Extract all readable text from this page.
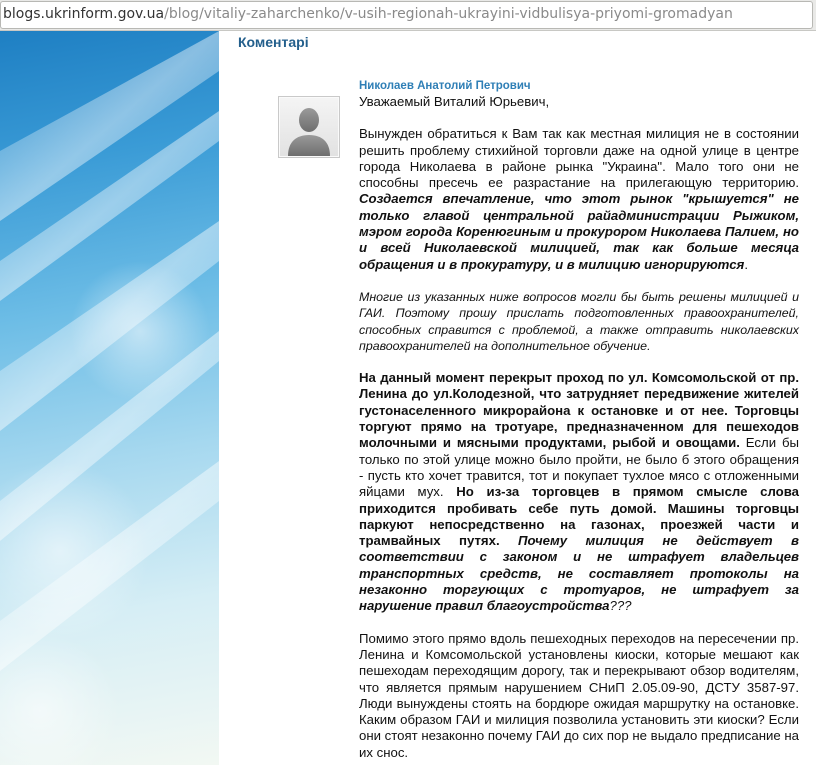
blogs.ukrinform.gov.ua/blog/vitaliy-zaharchenko/v-usih-regionah-ukrayini-vidbulisya-priyomi-gromadyan
Коментарі
Николаев Анатолий Петрович

Уважаемый Виталий Юрьевич,

Вынужден обратиться к Вам так как местная милиция не в состоянии решить проблему стихийной торговли даже на одной улице в центре города Николаева в районе рынка "Украина". Мало того они не способны пресечь ее разрастание на прилегающую территорию. Создается впечатление, что этот рынок "крышуется" не только главой центральной райадминистрации Рыжиком, мэром города Коренюгиным и прокурором Николаева Палием, но и всей Николаевской милицией, так как больше месяца обращения и в прокуратуру, и в милицию игнорируются.

Многие из указанных ниже вопросов могли бы быть решены милицией и ГАИ. Поэтому прошу прислать подготовленных правоохранителей, способных справится с проблемой, а также отправить николаевских правоохранителей на дополнительное обучение.

На данный момент перекрыт проход по ул. Комсомольской от пр. Ленина до ул.Колодезной, что затрудняет передвижение жителей густонаселенного микрорайона к остановке и от нее. Торговцы торгуют прямо на тротуаре, предназначенном для пешеходов молочными и мясными продуктами, рыбой и овощами. Если бы только по этой улице можно было пройти, не было б этого обращения - пусть кто хочет травится, тот и покупает тухлое мясо с отложенными яйцами мух. Но из-за торговцев в прямом смысле слова приходится пробивать себе путь домой. Машины торговцы паркуют непосредственно на газонах, проезжей части и трамвайных путях. Почему милиция не действует в соответствии с законом и не штрафует владельцев транспортных средств, не составляет протоколы на незаконно торгующих с тротуаров, не штрафует за нарушение правил благоустройства???

Помимо этого прямо вдоль пешеходных переходов на пересечении пр. Ленина и Комсомольской установлены киоски, которые мешают как пешеходам переходящим дорогу, так и перекрывают обзор водителям, что является прямым нарушением СНиП 2.05.09-90, ДСТУ 3587-97. Люди вынуждены стоять на бордюре ожидая маршрутку на остановке. Каким образом ГАИ и милиция позволила установить эти киоски? Если они стоят незаконно почему ГАИ до сих пор не выдало предписание на их снос.
